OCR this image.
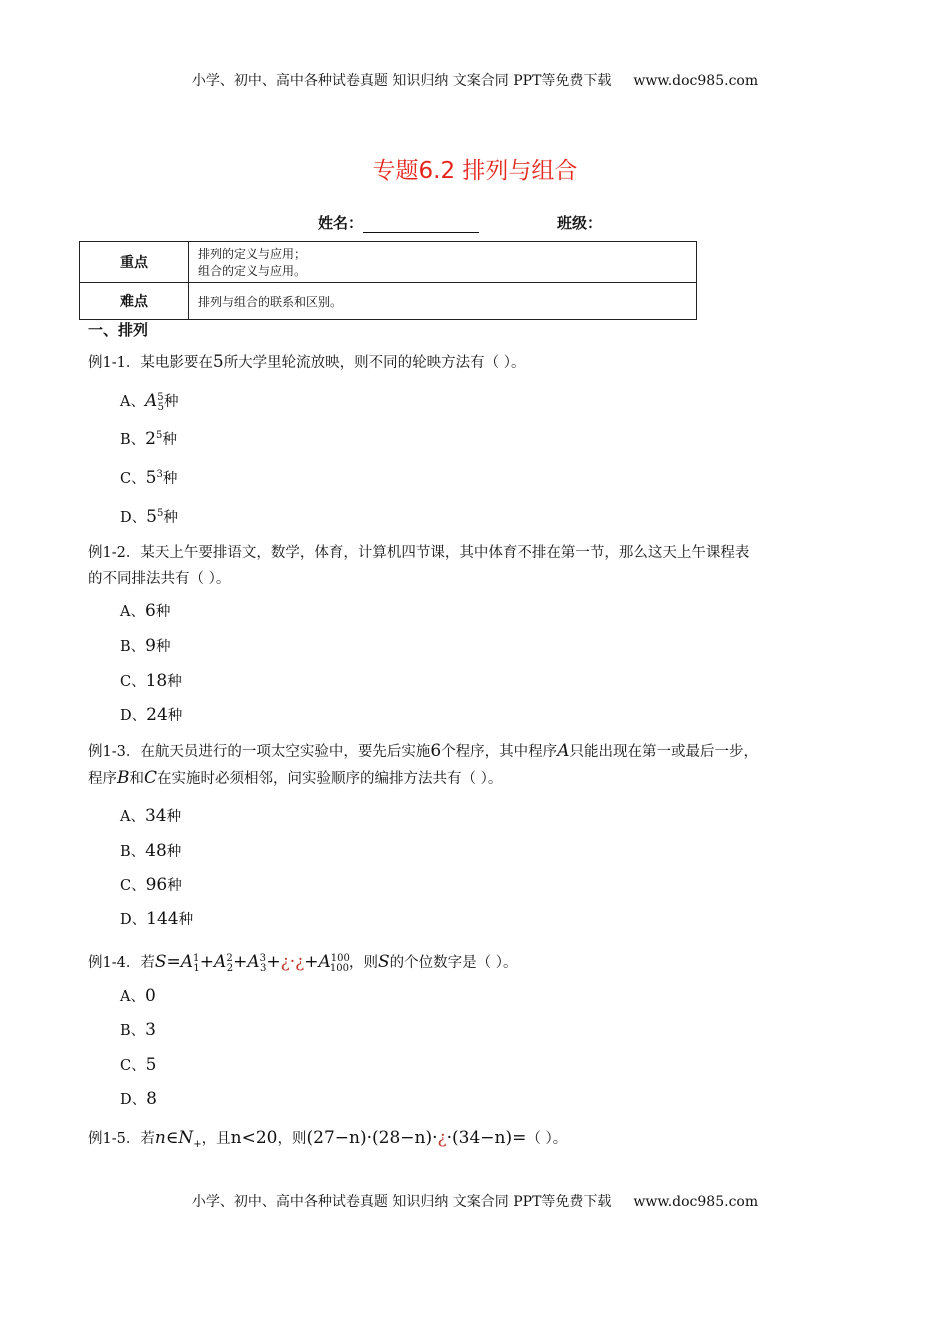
小学、初中、高中各种试卷真题 知识归纳 文案合同 PPT等免费下载 www.doc985.com
专题6.2 排列与组合
姓名：	班级：
重点	排列的定义与应用；
组合的定义与应用。

难点	排列与组合的联系和区别。
一、排列
例1-1．某电影要在5所大学里轮流放映，则不同的轮映方法有（ ）。
A、$A^5_5$种
B、$2^5$种
C、$5^3$种
D、$5^5$种
例1-2．某天上午要排语文，数学，体育，计算机四节课，其中体育不排在第一节，那么这天上午课程表
的不同排法共有（ ）。
A、6种
B、9种
C、18种
D、24种
例1-3．在航天员进行的一项太空实验中，要先后实施6个程序，其中程序A只能出现在第一或最后一步，
程序B和C在实施时必须相邻，问实验顺序的编排方法共有（ ）。
A、34种
B、48种
C、96种
D、144种
例1-4．若$S=A^1_1+A^2_2+A^3_3+¿\cdot¿+A^{100}_{100}$，则S的个位数字是（ ）。
A、0
B、3
C、5
D、8
例1-5．若$n\in N_+$，且n<20，则(27−n)·(28−n)·¿·(34−n)=（ ）。
小学、初中、高中各种试卷真题 知识归纳 文案合同 PPT等免费下载 www.doc985.com
